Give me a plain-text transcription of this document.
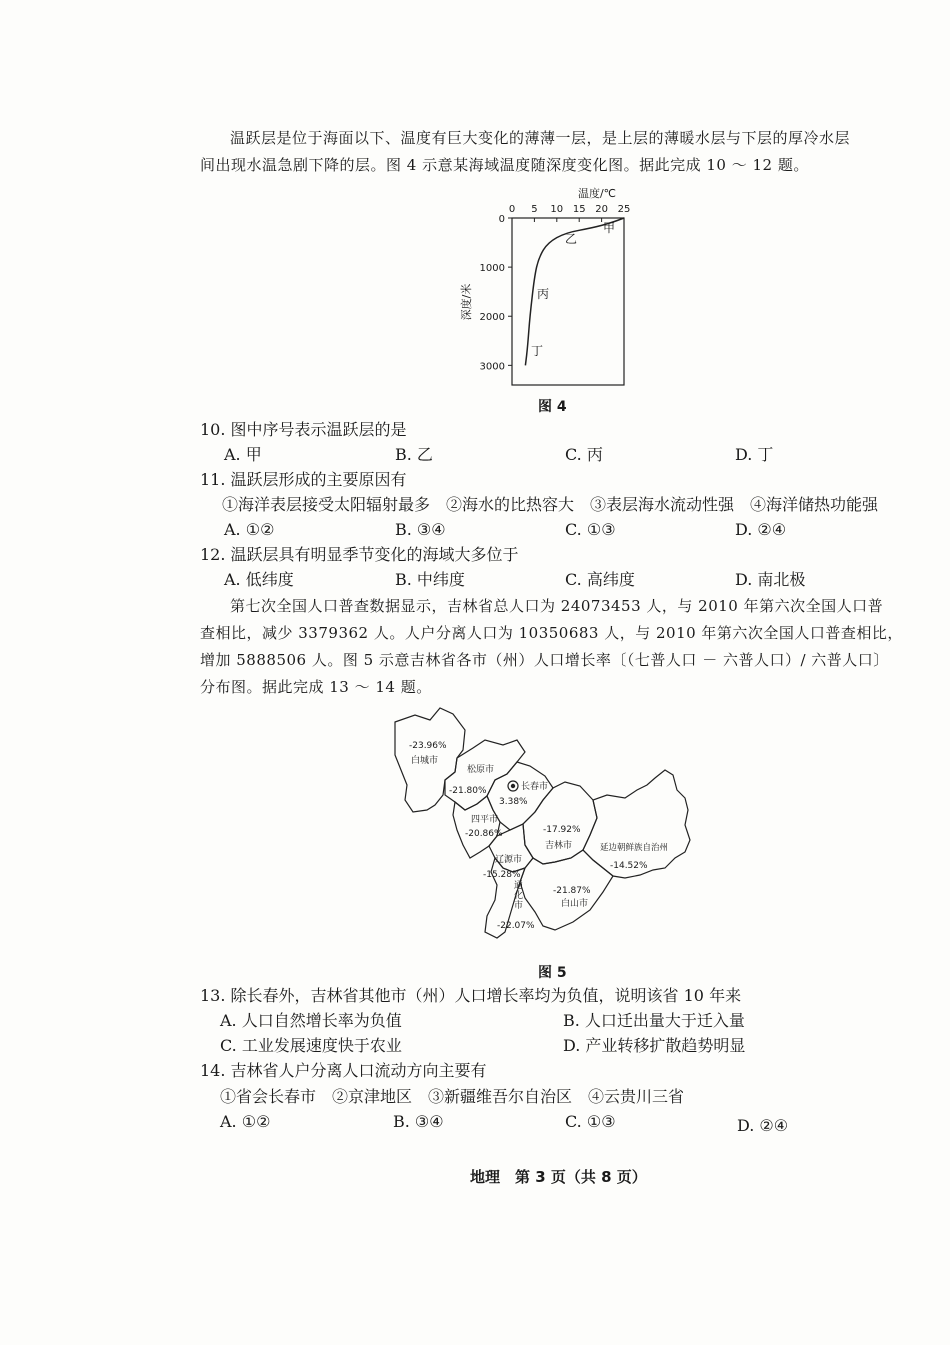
温跃层是位于海面以下、温度有巨大变化的薄薄一层，是上层的薄暖水层与下层的厚冷水层
间出现水温急剧下降的层。图 4 示意某海域温度随深度变化图。据此完成 10 ～ 12 题。
温度/℃
0 5 10 15 20 25
0
1000
2000
3000
深度/米
甲
乙
丙
丁
图 4
10. 图中序号表示温跃层的是
A. 甲	B. 乙	C. 丙	D. 丁
11. 温跃层形成的主要原因有
①海洋表层接受太阳辐射最多　②海水的比热容大　③表层海水流动性强　④海洋储热功能强
A. ①②	B. ③④	C. ①③	D. ②④
12. 温跃层具有明显季节变化的海域大多位于
A. 低纬度	B. 中纬度	C. 高纬度	D. 南北极
第七次全国人口普查数据显示，吉林省总人口为 24073453 人，与 2010 年第六次全国人口普
查相比，减少 3379362 人。人户分离人口为 10350683 人，与 2010 年第六次全国人口普查相比，
增加 5888506 人。图 5 示意吉林省各市（州）人口增长率〔（七普人口 － 六普人口）/ 六普人口〕
分布图。据此完成 13 ～ 14 题。
-23.96%
白城市
松原市
-21.80%	长春市
3.38%
四平市
-20.86%	-17.92%
吉林市	延边朝鲜族自治州
-14.52%
辽源市
-15.28%
通
化
市
-22.07%
-21.87%
白山市
图 5
13. 除长春外，吉林省其他市（州）人口增长率均为负值，说明该省 10 年来
A. 人口自然增长率为负值	B. 人口迁出量大于迁入量
C. 工业发展速度快于农业	D. 产业转移扩散趋势明显
14. 吉林省人户分离人口流动方向主要有
①省会长春市　②京津地区　③新疆维吾尔自治区　④云贵川三省
A. ①②	B. ③④	C. ①③	D. ②④
地理　第 3 页（共 8 页）
